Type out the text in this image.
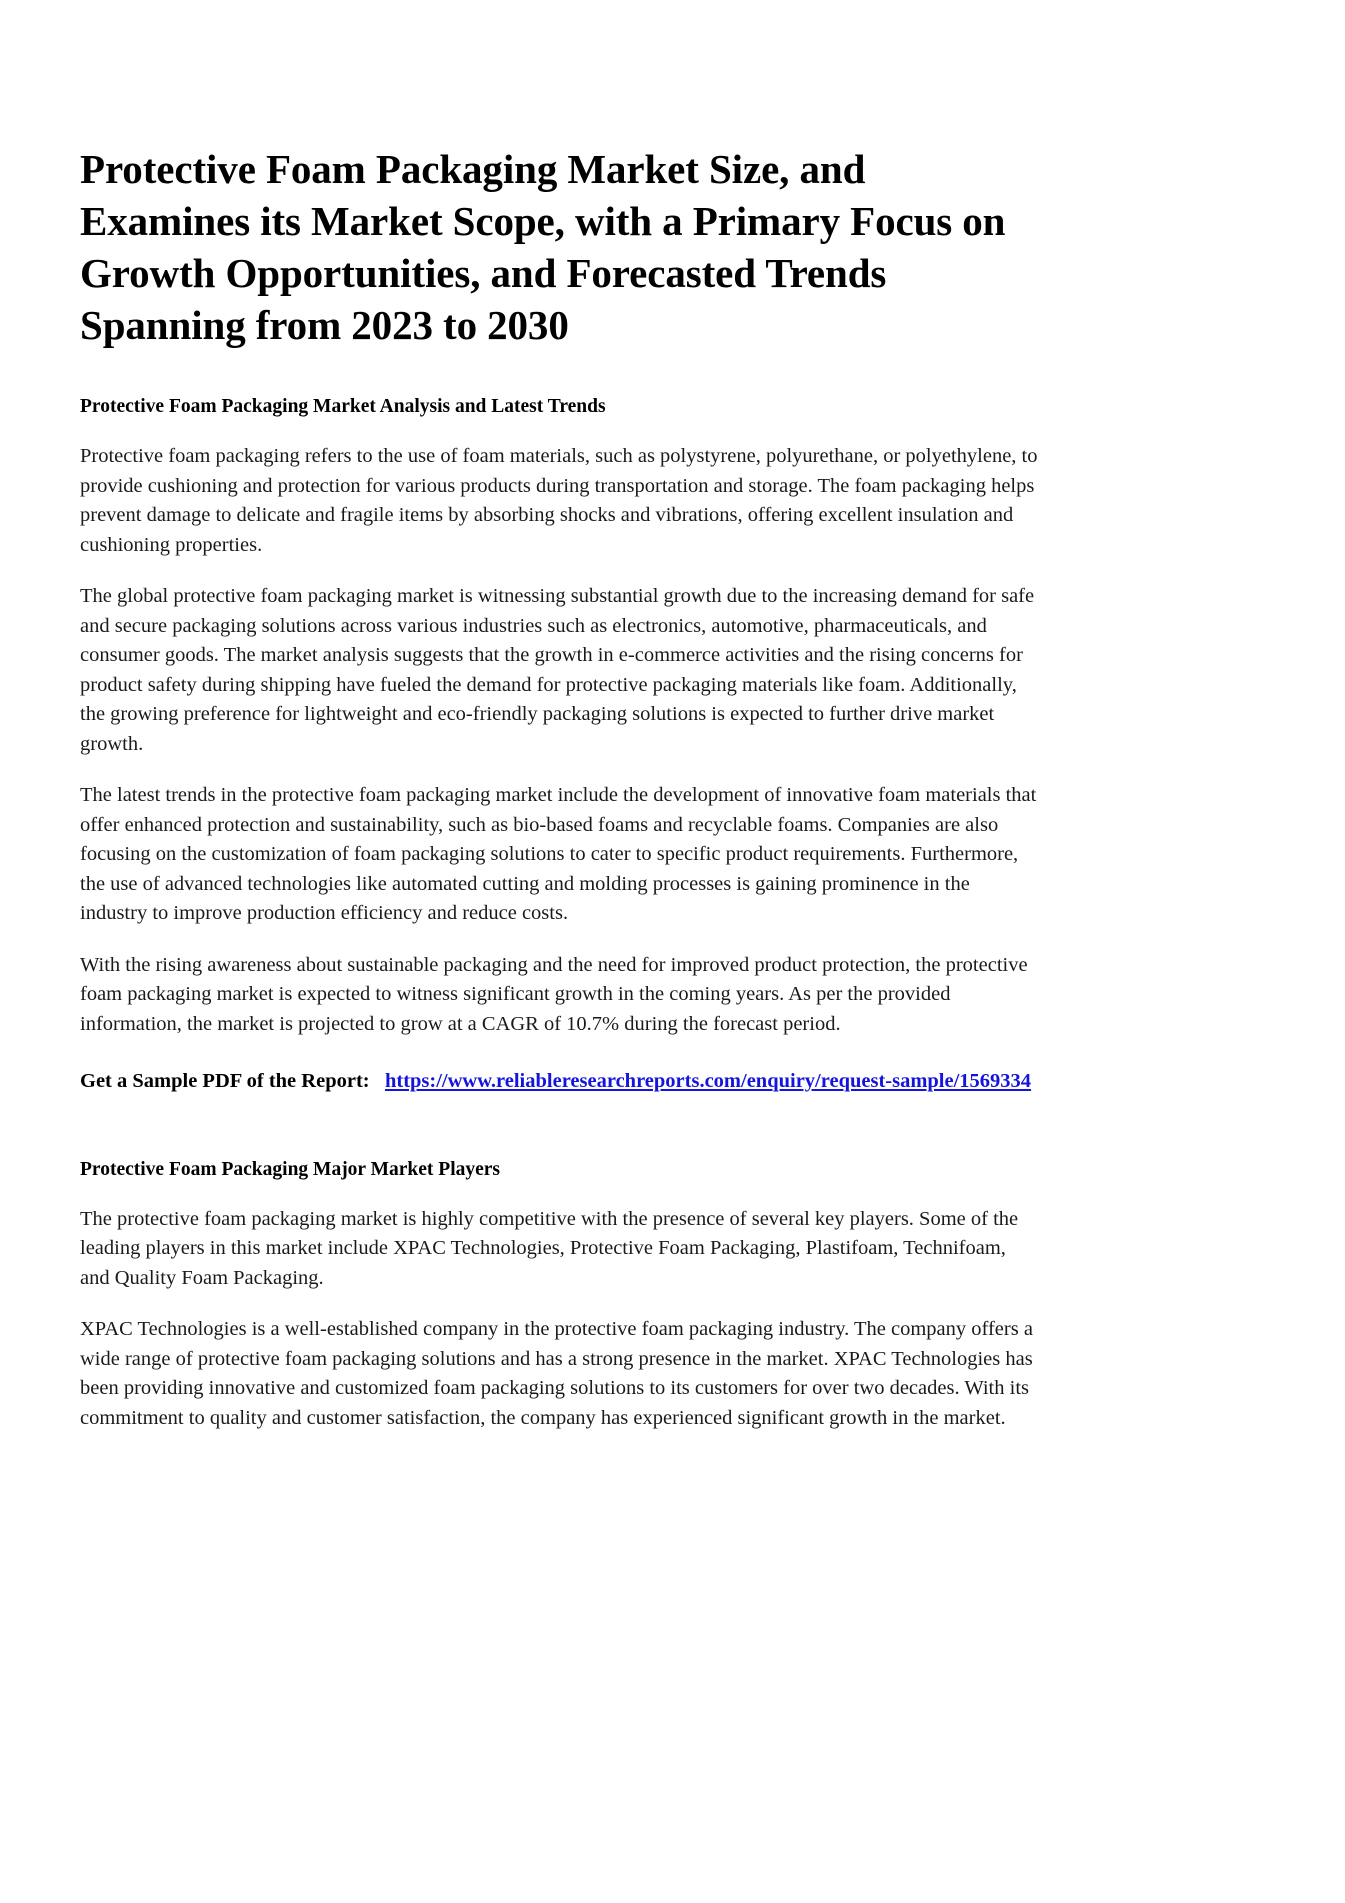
Protective Foam Packaging Market Size, and Examines its Market Scope, with a Primary Focus on Growth Opportunities, and Forecasted Trends Spanning from 2023 to 2030
Protective Foam Packaging Market Analysis and Latest Trends

Protective foam packaging refers to the use of foam materials, such as polystyrene, polyurethane, or polyethylene, to provide cushioning and protection for various products during transportation and storage. The foam packaging helps prevent damage to delicate and fragile items by absorbing shocks and vibrations, offering excellent insulation and cushioning properties.

The global protective foam packaging market is witnessing substantial growth due to the increasing demand for safe and secure packaging solutions across various industries such as electronics, automotive, pharmaceuticals, and consumer goods. The market analysis suggests that the growth in e-commerce activities and the rising concerns for product safety during shipping have fueled the demand for protective packaging materials like foam. Additionally, the growing preference for lightweight and eco-friendly packaging solutions is expected to further drive market growth.

The latest trends in the protective foam packaging market include the development of innovative foam materials that offer enhanced protection and sustainability, such as bio-based foams and recyclable foams. Companies are also focusing on the customization of foam packaging solutions to cater to specific product requirements. Furthermore, the use of advanced technologies like automated cutting and molding processes is gaining prominence in the industry to improve production efficiency and reduce costs.

With the rising awareness about sustainable packaging and the need for improved product protection, the protective foam packaging market is expected to witness significant growth in the coming years. As per the provided information, the market is projected to grow at a CAGR of 10.7% during the forecast period.

Get a Sample PDF of the Report: https://www.reliableresearchreports.com/enquiry/request-sample/1569334
Protective Foam Packaging Major Market Players

The protective foam packaging market is highly competitive with the presence of several key players. Some of the leading players in this market include XPAC Technologies, Protective Foam Packaging, Plastifoam, Technifoam, and Quality Foam Packaging.

XPAC Technologies is a well-established company in the protective foam packaging industry. The company offers a wide range of protective foam packaging solutions and has a strong presence in the market. XPAC Technologies has been providing innovative and customized foam packaging solutions to its customers for over two decades. With its commitment to quality and customer satisfaction, the company has experienced significant growth in the market.
